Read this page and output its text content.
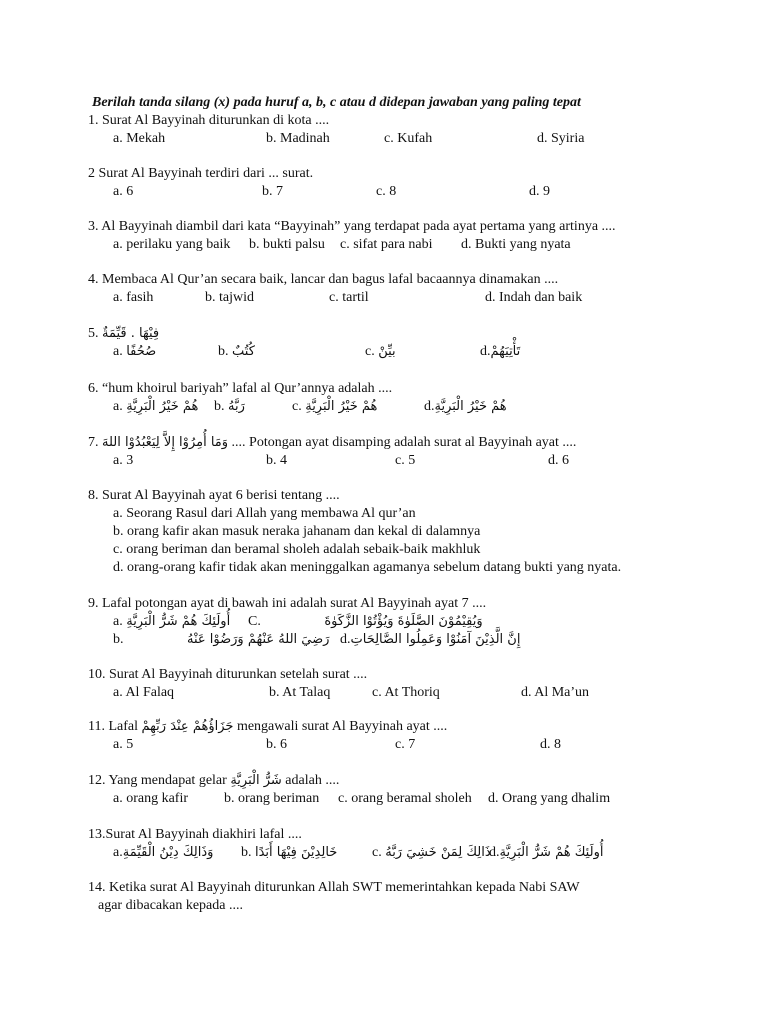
Berilah tanda silang (x) pada huruf a, b, c atau d didepan jawaban yang paling tepat
1. Surat Al Bayyinah diturunkan di kota ....
a. Mekah	b. Madinah	c. Kufah	d. Syiria
2 Surat Al Bayyinah terdiri dari ... surat.
a. 6	b. 7	c. 8	d. 9
3. Al Bayyinah diambil dari kata “Bayyinah” yang terdapat pada ayat pertama yang artinya ....
a. perilaku yang baik b. bukti palsu c. sifat para nabi d. Bukti yang nyata
4. Membaca Al Qur’an secara baik, lancar dan bagus lafal bacaannya dinamakan ....
a. fasih	b. tajwid	c. tartil	d. Indah dan baik
5. فِيْهَا . قَيِّمَةٌ
a. صُحُفًا	b. كُتُبٌ	c. بيِّنْ	d.تَأْتِيَهُمْ
6. “hum khoirul bariyah” lafal al Qur’annya adalah ....
a. هُمْ خَيْرُ الْبَرِيَّةِ b. رَبَّهُ	c. هُمْ خَيْرُ الْبَرِيَّةِ	d.هُمْ خَيْرُ الْبَرِيَّةِ
7. وَمَا أُمِرُوْا إِلاَّ لِيَعْبُدُوْا اللهَ .... Potongan ayat disamping adalah surat al Bayyinah ayat ....
a. 3	b. 4	c. 5	d. 6
8. Surat Al Bayyinah ayat 6 berisi tentang ....
a. Seorang Rasul dari Allah yang membawa Al qur’an
b. orang kafir akan masuk neraka jahanam dan kekal di dalamnya
c. orang beriman dan beramal sholeh adalah sebaik-baik makhluk
d. orang-orang kafir tidak akan meninggalkan agamanya sebelum datang bukti yang nyata.
9. Lafal potongan ayat di bawah ini adalah surat Al Bayyinah ayat 7 ....
a. أُولَئِكَ هُمْ شَرُّ الْبَرِيَّةِ C.	وَيُقِيْمُوْنَ الصَّلَوٰةَ وَيُؤْتُوْا الزَّكَوٰةَ
b.	رَضِيَ اللهُ عَنْهُمْ وَرَضُوْا عَنْهُ d.إِنَّ الَّذِيْنَ آمَنُوْا وَعَمِلُوا الصَّالِحَاتِ
10. Surat Al Bayyinah diturunkan setelah surat ....
a. Al Falaq	b. At Talaq	c. At Thoriq	d. Al Ma’un
11. Lafal جَزَاؤُهُمْ عِنْدَ رَبِّهِمْ mengawali surat Al Bayyinah ayat ....
a. 5	b. 6	c. 7	d. 8
12. Yang mendapat gelar شَرُّ الْبَرِيَّةِ adalah ....
a. orang kafir	b. orang beriman c. orang beramal sholeh d. Orang yang dhalim
13.Surat Al Bayyinah diakhiri lafal ....
a.وَذَالِكَ دِيْنُ الْقَيِّمَةِ b. خَالِدِيْنَ فِيْهَا أَبَدًا c. ذَالِكَ لِمَنْ خَشِيَ رَبَّهُ
d.أُولَئِكَ هُمْ شَرُّ الْبَرِيَّةِ
14. Ketika surat Al Bayyinah diturunkan Allah SWT memerintahkan kepada Nabi SAW
agar dibacakan kepada ....
